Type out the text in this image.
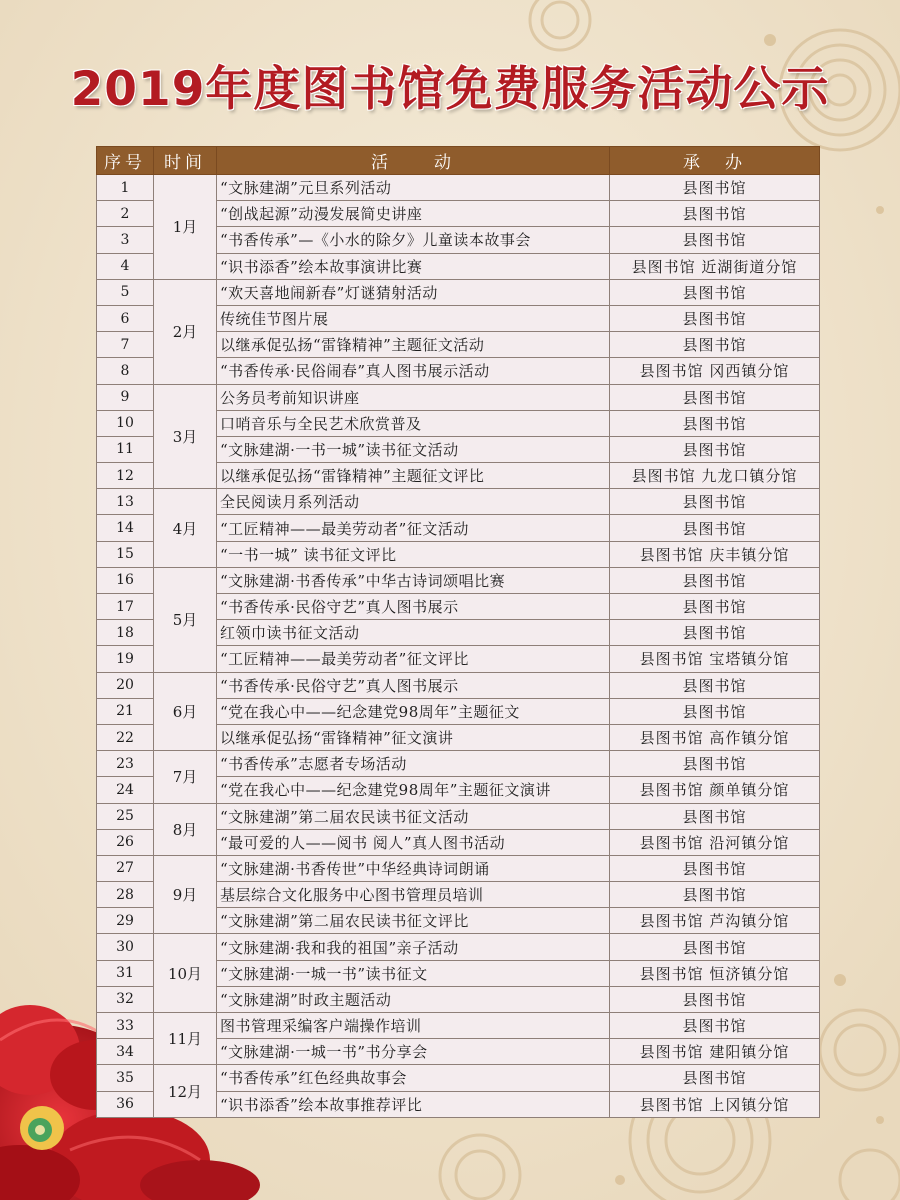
2019年度图书馆免费服务活动公示
序号	时间	活　　动	承　办
1	1月	“文脉建湖”元旦系列活动	县图书馆
2		“创战起源”动漫发展简史讲座	县图书馆
3		“书香传承”—《小水的除夕》儿童读本故事会	县图书馆
4		“识书添香”绘本故事演讲比赛	县图书馆 近湖街道分馆
5	2月	“欢天喜地闹新春”灯谜猜射活动	县图书馆
6		传统佳节图片展	县图书馆
7		以继承促弘扬“雷锋精神”主题征文活动	县图书馆
8		“书香传承·民俗闹春”真人图书展示活动	县图书馆 冈西镇分馆
9	3月	公务员考前知识讲座	县图书馆
10		口哨音乐与全民艺术欣赏普及	县图书馆
11		“文脉建湖·一书一城”读书征文活动	县图书馆
12		以继承促弘扬“雷锋精神”主题征文评比	县图书馆 九龙口镇分馆
13	4月	全民阅读月系列活动	县图书馆
14		“工匠精神——最美劳动者”征文活动	县图书馆
15		“一书一城” 读书征文评比	县图书馆 庆丰镇分馆
16	5月	“文脉建湖·书香传承”中华古诗词颂唱比赛	县图书馆
17		“书香传承·民俗守艺”真人图书展示	县图书馆
18		红领巾读书征文活动	县图书馆
19		“工匠精神——最美劳动者”征文评比	县图书馆 宝塔镇分馆
20	6月	“书香传承·民俗守艺”真人图书展示	县图书馆
21		“党在我心中——纪念建党98周年”主题征文	县图书馆
22		以继承促弘扬“雷锋精神”征文演讲	县图书馆 高作镇分馆
23	7月	“书香传承”志愿者专场活动	县图书馆
24		“党在我心中——纪念建党98周年”主题征文演讲	县图书馆 颜单镇分馆
25	8月	“文脉建湖”第二届农民读书征文活动	县图书馆
26		“最可爱的人——阅书 阅人”真人图书活动	县图书馆 沿河镇分馆
27	9月	“文脉建湖·书香传世”中华经典诗词朗诵	县图书馆
28		基层综合文化服务中心图书管理员培训	县图书馆
29		“文脉建湖”第二届农民读书征文评比	县图书馆 芦沟镇分馆
30	10月	“文脉建湖·我和我的祖国”亲子活动	县图书馆
31		“文脉建湖·一城一书”读书征文	县图书馆 恒济镇分馆
32		“文脉建湖”时政主题活动	县图书馆
33	11月	图书管理采编客户端操作培训	县图书馆
34		“文脉建湖·一城一书”书分享会	县图书馆 建阳镇分馆
35	12月	“书香传承”红色经典故事会	县图书馆
36		“识书添香”绘本故事推荐评比	县图书馆 上冈镇分馆
